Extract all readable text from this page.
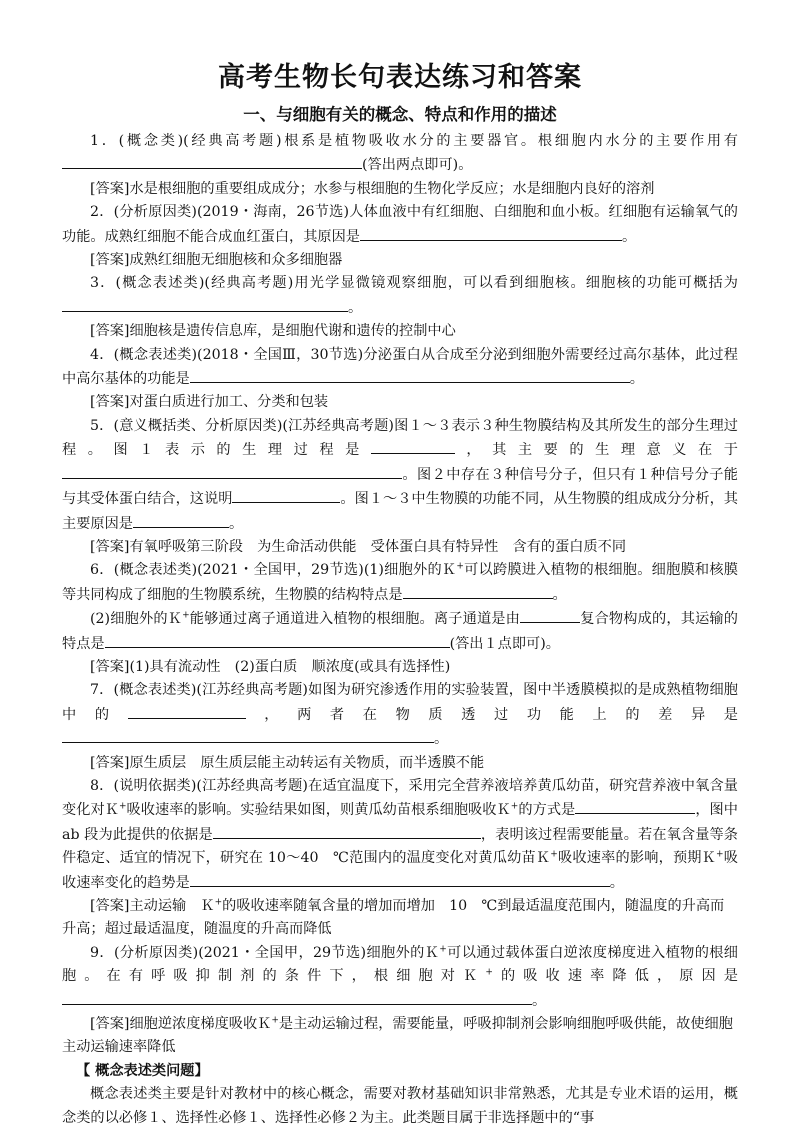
高考生物长句表达练习和答案
一、与细胞有关的概念、特点和作用的描述

1．(概念类)(经典高考题)根系是植物吸收水分的主要器官。根细胞内水分的主要作用有(答出两点即可)。

[答案]水是根细胞的重要组成成分；水参与根细胞的生物化学反应；水是细胞内良好的溶剂

2．(分析原因类)(2019・海南，26节选)人体血液中有红细胞、白细胞和血小板。红细胞有运输氧气的功能。成熟红细胞不能合成血红蛋白，其原因是	。

[答案]成熟红细胞无细胞核和众多细胞器

3．(概念表述类)(经典高考题)用光学显微镜观察细胞，可以看到细胞核。细胞核的功能可概括为。

[答案]细胞核是遗传信息库，是细胞代谢和遗传的控制中心

4．(概念表述类)(2018・全国Ⅲ，30节选)分泌蛋白从合成至分泌到细胞外需要经过高尔基体，此过程中高尔基体的功能是	。

[答案]对蛋白质进行加工、分类和包装

5．(意义概括类、分析原因类)(江苏经典高考题)图１～３表示３种生物膜结构及其所发生的部分生理过程。图１表示的生理过程是	，其主要的生理意义在于。图２中存在３种信号分子，但只有１种信号分子能与其受体蛋白结合，这说明	。图１～３中生物膜的功能不同，从生物膜的组成成分分析，其主要原因是	。

[答案]有氧呼吸第三阶段　为生命活动供能　受体蛋白具有特异性　含有的蛋白质不同

6．(概念表述类)(2021・全国甲，29节选)(1)细胞外的Ｋ+可以跨膜进入植物的根细胞。细胞膜和核膜等共同构成了细胞的生物膜系统，生物膜的结构特点是	。

(2)细胞外的Ｋ+能够通过离子通道进入植物的根细胞。离子通道是由	复合物构成的，其运输的特点是	(答出１点即可)。

[答案](1)具有流动性　(2)蛋白质　顺浓度(或具有选择性)

7．(概念表述类)(江苏经典高考题)如图为研究渗透作用的实验装置，图中半透膜模拟的是成熟植物细胞中的	，两者在物质透过功能上的差异是。

[答案]原生质层　原生质层能主动转运有关物质，而半透膜不能

8．(说明依据类)(江苏经典高考题)在适宜温度下，采用完全营养液培养黄瓜幼苗，研究营养液中氧含量变化对Ｋ+吸收速率的影响。实验结果如图，则黄瓜幼苗根系细胞吸收Ｋ+的方式是	，图中 ab 段为此提供的依据是	，表明该过程需要能量。若在氧含量等条件稳定、适宜的情况下，研究在 10～40　℃范围内的温度变化对黄瓜幼苗Ｋ+吸收速率的影响，预期Ｋ+吸收速率变化的趋势是	。

[答案]主动运输　Ｋ+的吸收速率随氧含量的增加而增加　10　℃到最适温度范围内，随温度的升高而升高；超过最适温度，随温度的升高而降低

9．(分析原因类)(2021・全国甲，29节选)细胞外的Ｋ+可以通过载体蛋白逆浓度梯度进入植物的根细胞。在有呼吸抑制剂的条件下，根细胞对Ｋ+的吸收速率降低，原因是。

[答案]细胞逆浓度梯度吸收Ｋ+是主动运输过程，需要能量，呼吸抑制剂会影响细胞呼吸供能，故使细胞主动运输速率降低

【 概念表述类问题】

概念表述类主要是针对教材中的核心概念，需要对教材基础知识非常熟悉，尤其是专业术语的运用，概念类的以必修１、选择性必修１、选择性必修２为主。此类题目属于非选择题中的“事
